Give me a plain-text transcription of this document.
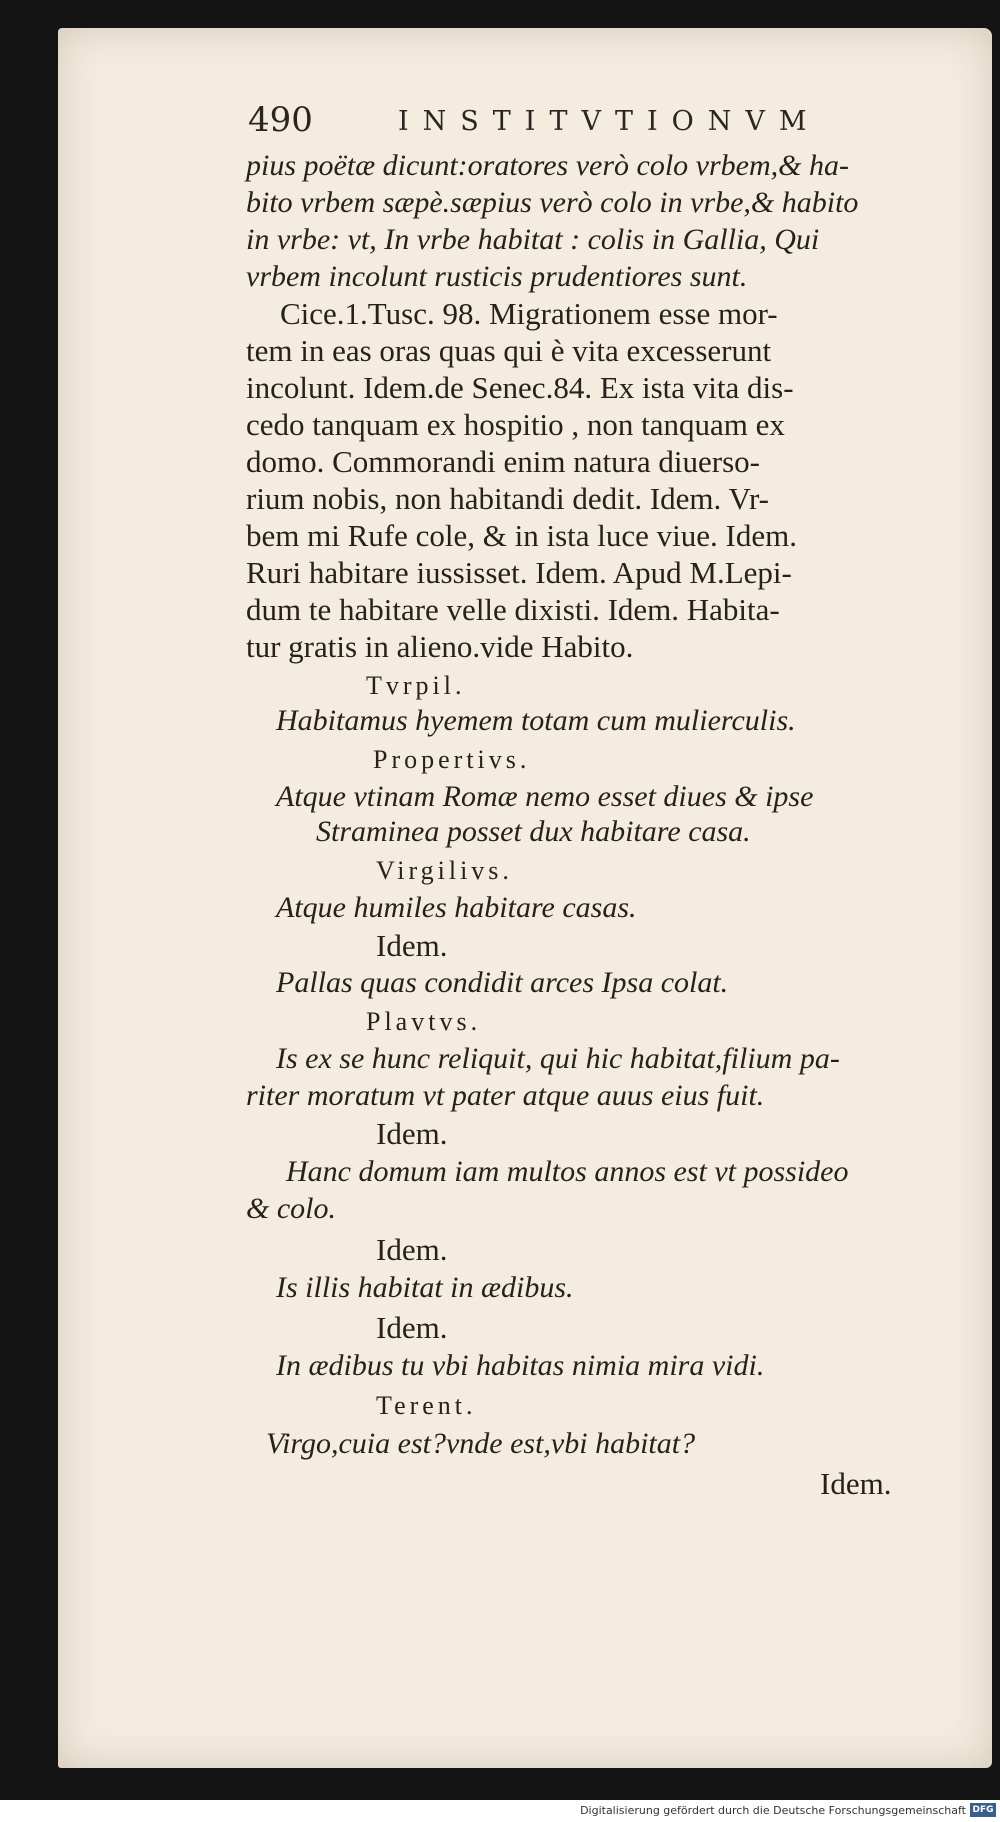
490	INSTITVTIONVM
pius poëtæ dicunt:oratores verò colo vrbem,& ha-
bito vrbem sæpè.sæpius verò colo in vrbe,& habito
in vrbe: vt, In vrbe habitat : colis in Gallia, Qui
vrbem incolunt rusticis prudentiores sunt.
Cice.1.Tusc. 98. Migrationem esse mor-
tem in eas oras quas qui è vita excesserunt
incolunt. Idem.de Senec.84. Ex ista vita dis-
cedo tanquam ex hospitio , non tanquam ex
domo. Commorandi enim natura diuerso-
rium nobis, non habitandi dedit. Idem. Vr-
bem mi Rufe cole, & in ista luce viue. Idem.
Ruri habitare iussisset. Idem. Apud M.Lepi-
dum te habitare velle dixisti. Idem. Habita-
tur gratis in alieno.vide Habito.
Tvrpil.
Habitamus hyemem totam cum mulierculis.
Propertivs.
Atque vtinam Romæ nemo esset diues & ipse
Straminea posset dux habitare casa.
Virgilivs.
Atque humiles habitare casas.
Idem.
Pallas quas condidit arces Ipsa colat.
Plavtvs.
Is ex se hunc reliquit, qui hic habitat,filium pa-
riter moratum vt pater atque auus eius fuit.
Idem.
Hanc domum iam multos annos est vt possideo
& colo.
Idem.
Is illis habitat in ædibus.
Idem.
In ædibus tu vbi habitas nimia mira vidi.
Terent.
Virgo,cuia est?vnde est,vbi habitat?
Idem.
Digitalisierung gefördert durch die Deutsche Forschungsgemeinschaft DFG
